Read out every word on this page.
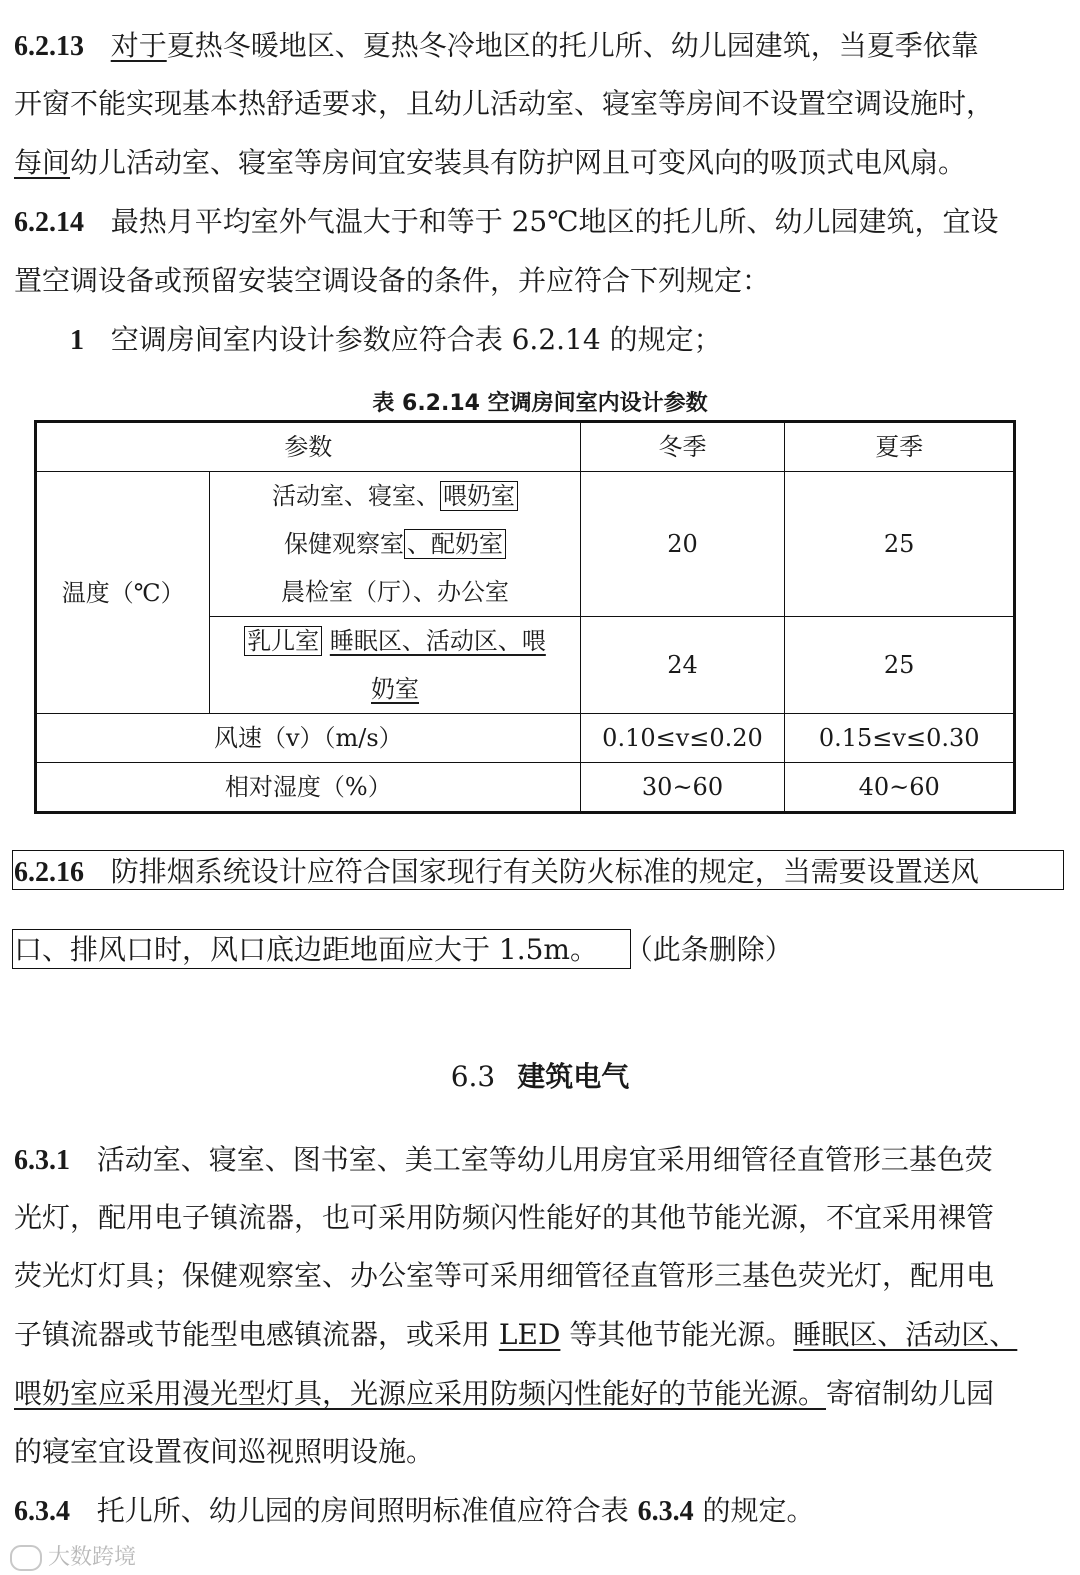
6.2.13 对于夏热冬暖地区、夏热冬冷地区的托儿所、幼儿园建筑，当夏季依靠
开窗不能实现基本热舒适要求，且幼儿活动室、寝室等房间不设置空调设施时，
每间幼儿活动室、寝室等房间宜安装具有防护网且可变风向的吸顶式电风扇。
6.2.14 最热月平均室外气温大于和等于 25℃地区的托儿所、幼儿园建筑，宜设
置空调设备或预留安装空调设备的条件，并应符合下列规定：
1 空调房间室内设计参数应符合表 6.2.14 的规定；
表 6.2.14 空调房间室内设计参数
参数		冬季	夏季
温度（℃）	活动室、寝室、 喂奶室
保健观察室 、配奶室
晨检室（厅）、办公室	20	25

	乳儿室 睡眠区、活动区、喂
奶室	24	25
风速（v）（m/s）		0.10≤v≤0.20	0.15≤v≤0.30
相对湿度（%）		30~60	40~60
6.2.16 防排烟系统设计应符合国家现行有关防火标准的规定，当需要设置送风
口、排风口时，风口底边距地面应大于 1.5m。 （此条删除）
6.3 建筑电气
6.3.1 活动室、寝室、图书室、美工室等幼儿用房宜采用细管径直管形三基色荧
光灯，配用电子镇流器，也可采用防频闪性能好的其他节能光源，不宜采用裸管
荧光灯灯具；保健观察室、办公室等可采用细管径直管形三基色荧光灯，配用电
子镇流器或节能型电感镇流器，或采用 LED 等其他节能光源。睡眠区、活动区、
喂奶室应采用漫光型灯具，光源应采用防频闪性能好的节能光源。寄宿制幼儿园
的寝室宜设置夜间巡视照明设施。
6.3.4 托儿所、幼儿园的房间照明标准值应符合表 6.3.4 的规定。
大数跨境
